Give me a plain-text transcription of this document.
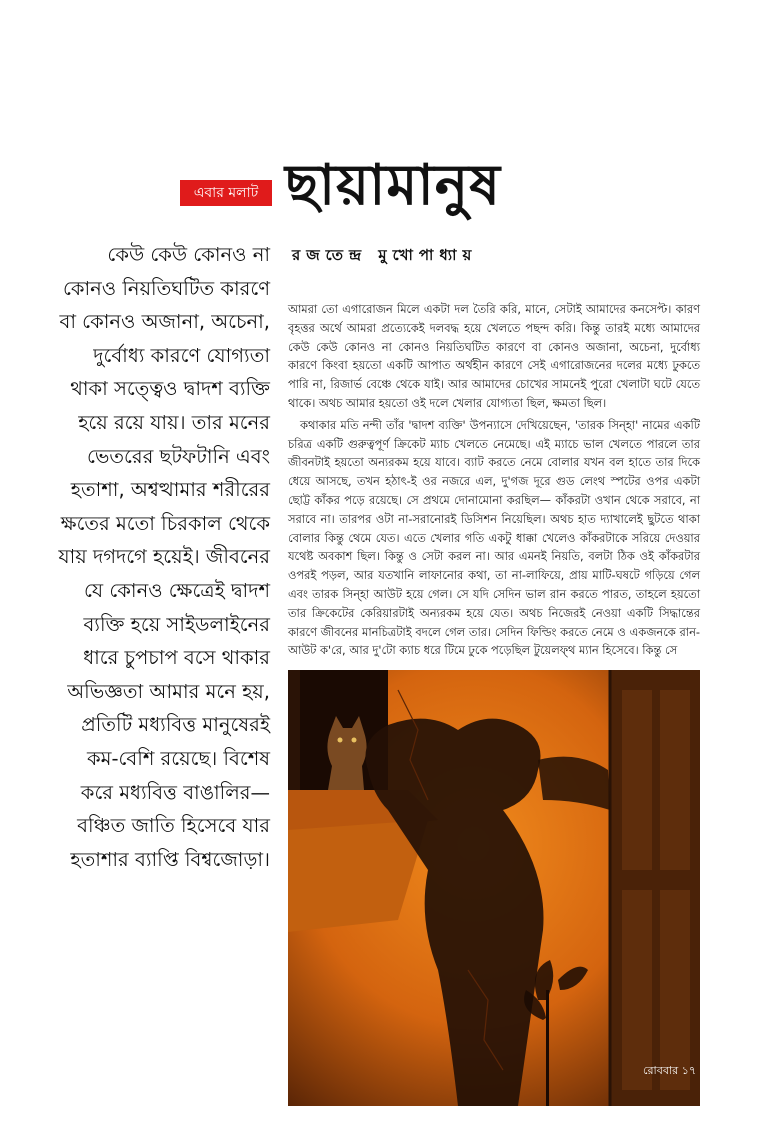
এবার মলাট ছায়ামানুষ
রজতেন্দ্র মুখোপাধ্যায়
কেউ কেউ কোনও না কোনও নিয়তিঘটিত কারণে বা কোনও অজানা, অচেনা, দুর্বোধ্য কারণে যোগ্যতা থাকা সত্ত্বেও দ্বাদশ ব্যক্তি হয়ে রয়ে যায়। তার মনের ভেতরের ছটফটানি এবং হতাশা, অশ্বত্থামার শরীরের ক্ষতের মতো চিরকাল থেকে যায় দগদগে হয়েই। জীবনের যে কোনও ক্ষেত্রেই দ্বাদশ ব্যক্তি হয়ে সাইডলাইনের ধারে চুপচাপ বসে থাকার অভিজ্ঞতা আমার মনে হয়, প্রতিটি মধ্যবিত্ত মানুষেরই কম-বেশি রয়েছে। বিশেষ করে মধ্যবিত্ত বাঙালির— বঞ্চিত জাতি হিসেবে যার হতাশার ব্যাপ্তি বিশ্বজোড়া।

আমরা তো এগারোজন মিলে একটা দল তৈরি করি, মানে, সেটাই আমাদের কনসেপ্ট। কারণ বৃহত্তর অর্থে আমরা প্রত্যেকেই দলবদ্ধ হয়ে খেলতে পছন্দ করি। কিন্তু তারই মধ্যে আমাদের কেউ কেউ কোনও না কোনও নিয়তিঘটিত কারণে বা কোনও অজানা, অচেনা, দুর্বোধ্য কারণে কিংবা হয়তো একটি আপাত অর্থহীন কারণে সেই এগারোজনের দলের মধ্যে ঢুকতে পারি না, রিজার্ভ বেঞ্চে থেকে যাই। আর আমাদের চোখের সামনেই পুরো খেলাটা ঘটে যেতে থাকে। অথচ আমার হয়তো ওই দলে খেলার যোগ্যতা ছিল, ক্ষমতা ছিল।

কথাকার মতি নন্দী তাঁর 'দ্বাদশ ব্যক্তি' উপন্যাসে দেখিয়েছেন, 'তারক সিন্‌হা' নামের একটি চরিত্র একটি গুরুত্বপূর্ণ ক্রিকেট ম্যাচ খেলতে নেমেছে। এই ম্যাচে ভাল খেলতে পারলে তার জীবনটাই হয়তো অন্যরকম হয়ে যাবে। ব্যাট করতে নেমে বোলার যখন বল হাতে তার দিকে ধেয়ে আসছে, তখন হঠাৎ-ই ওর নজরে এল, দু'গজ দূরে গুড লেংথ স্পটের ওপর একটা ছোট্ট কাঁকর পড়ে রয়েছে। সে প্রথমে দোনামোনা করছিল— কাঁকরটা ওখান থেকে সরাবে, না সরাবে না। তারপর ওটা না-সরানোরই ডিসিশন নিয়েছিল। অথচ হাত দ্যাখালেই ছুটতে থাকা বোলার কিন্তু থেমে যেত। এতে খেলার গতি একটু ধাক্কা খেলেও কাঁকরটাকে সরিয়ে দেওয়ার যথেষ্ট অবকাশ ছিল। কিন্তু ও সেটা করল না। আর এমনই নিয়তি, বলটা ঠিক ওই কাঁকরটার ওপরই পড়ল, আর যতখানি লাফানোর কথা, তা না-লাফিয়ে, প্রায় মাটি-ঘষটে গড়িয়ে গেল এবং তারক সিন্‌হা আউট হয়ে গেল। সে যদি সেদিন ভাল রান করতে পারত, তাহলে হয়তো তার ক্রিকেটের কেরিয়ারটাই অন্যরকম হয়ে যেত। অথচ নিজেরই নেওয়া একটি সিদ্ধান্তের কারণে জীবনের মানচিত্রটাই বদলে গেল তার। সেদিন ফিল্ডিং করতে নেমে ও একজনকে রান-আউট ক'রে, আর দু'টো ক্যাচ ধরে টিমে ঢুকে পড়েছিল টুয়েলফ্‌থ ম্যান হিসেবে। কিন্তু সে

রোববার ১৭
